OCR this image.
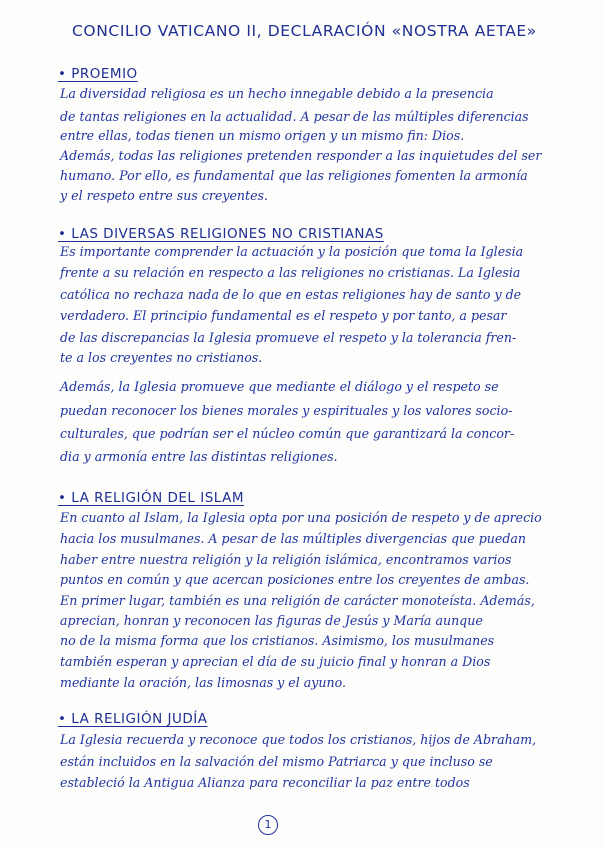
CONCILIO VATICANO II, DECLARACIÓN «NOSTRA AETAE»
• PROEMIO
La diversidad religiosa es un hecho innegable debido a la presencia
de tantas religiones en la actualidad. A pesar de las múltiples diferencias
entre ellas, todas tienen un mismo origen y un mismo fin: Dios.
Además, todas las religiones pretenden responder a las inquietudes del ser
humano. Por ello, es fundamental que las religiones fomenten la armonía
y el respeto entre sus creyentes.
• LAS DIVERSAS RELIGIONES NO CRISTIANAS
Es importante comprender la actuación y la posición que toma la Iglesia
frente a su relación en respecto a las religiones no cristianas. La Iglesia
católica no rechaza nada de lo que en estas religiones hay de santo y de
verdadero. El principio fundamental es el respeto y por tanto, a pesar
de las discrepancias la Iglesia promueve el respeto y la tolerancia fren-
te a los creyentes no cristianos.
Además, la Iglesia promueve que mediante el diálogo y el respeto se
puedan reconocer los bienes morales y espirituales y los valores socio-
culturales, que podrían ser el núcleo común que garantizará la concor-
dia y armonía entre las distintas religiones.
• LA RELIGIÓN DEL ISLAM
En cuanto al Islam, la Iglesia opta por una posición de respeto y de aprecio
hacia los musulmanes. A pesar de las múltiples divergencias que puedan
haber entre nuestra religión y la religión islámica, encontramos varios
puntos en común y que acercan posiciones entre los creyentes de ambas.
En primer lugar, también es una religión de carácter monoteísta. Además,
aprecian, honran y reconocen las figuras de Jesús y María aunque
no de la misma forma que los cristianos. Asimismo, los musulmanes
también esperan y aprecian el día de su juicio final y honran a Dios
mediante la oración, las limosnas y el ayuno.
• LA RELIGIÓN JUDÍA
La Iglesia recuerda y reconoce que todos los cristianos, hijos de Abraham,
están incluidos en la salvación del mismo Patriarca y que incluso se
estableció la Antigua Alianza para reconciliar la paz entre todos
1
